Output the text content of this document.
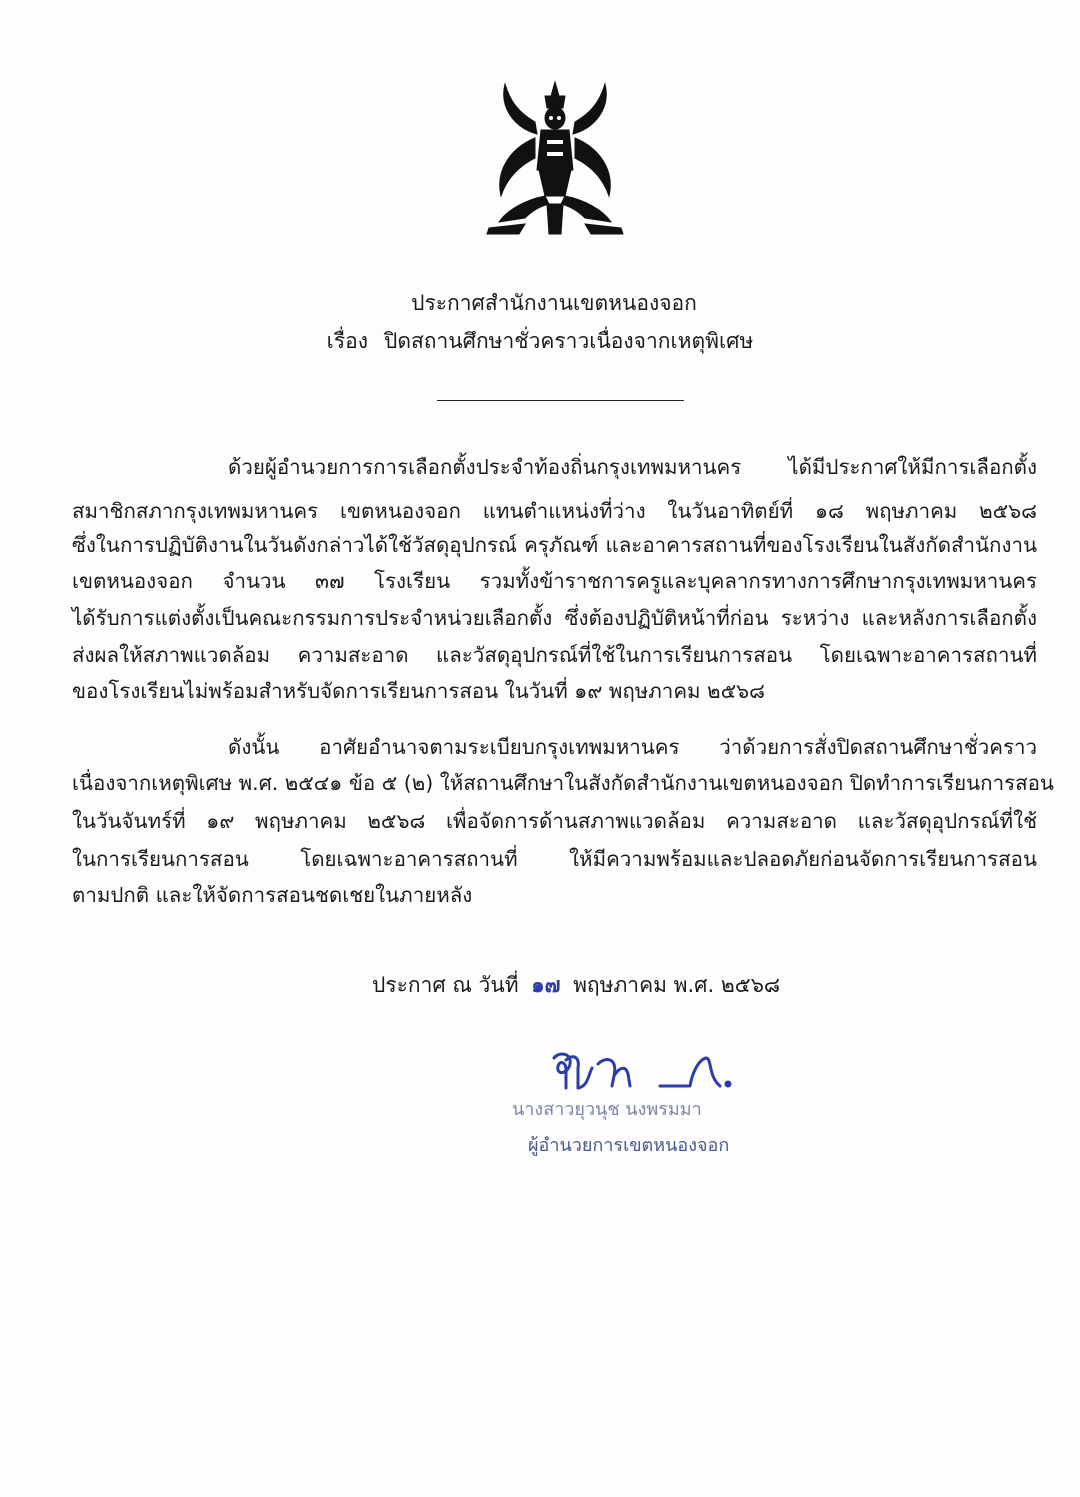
ประกาศสำนักงานเขตหนองจอก
เรื่อง ปิดสถานศึกษาชั่วคราวเนื่องจากเหตุพิเศษ
ด้วยผู้อำนวยการการเลือกตั้งประจำท้องถิ่นกรุงเทพมหานคร ได้มีประกาศให้มีการเลือกตั้ง
สมาชิกสภากรุงเทพมหานคร เขตหนองจอก แทนตำแหน่งที่ว่าง ในวันอาทิตย์ที่ ๑๘ พฤษภาคม ๒๕๖๘
ซึ่งในการปฏิบัติงานในวันดังกล่าวได้ใช้วัสดุอุปกรณ์ ครุภัณฑ์ และอาคารสถานที่ของโรงเรียนในสังกัดสำนักงาน
เขตหนองจอก จำนวน ๓๗ โรงเรียน รวมทั้งข้าราชการครูและบุคลากรทางการศึกษากรุงเทพมหานคร
ได้รับการแต่งตั้งเป็นคณะกรรมการประจำหน่วยเลือกตั้ง ซึ่งต้องปฏิบัติหน้าที่ก่อน ระหว่าง และหลังการเลือกตั้ง
ส่งผลให้สภาพแวดล้อม ความสะอาด และวัสดุอุปกรณ์ที่ใช้ในการเรียนการสอน โดยเฉพาะอาคารสถานที่
ของโรงเรียนไม่พร้อมสำหรับจัดการเรียนการสอน ในวันที่ ๑๙ พฤษภาคม ๒๕๖๘
ดังนั้น อาศัยอำนาจตามระเบียบกรุงเทพมหานคร ว่าด้วยการสั่งปิดสถานศึกษาชั่วคราว
เนื่องจากเหตุพิเศษ พ.ศ. ๒๕๔๑ ข้อ ๕ (๒) ให้สถานศึกษาในสังกัดสำนักงานเขตหนองจอก ปิดทำการเรียนการสอน
ในวันจันทร์ที่ ๑๙ พฤษภาคม ๒๕๖๘ เพื่อจัดการด้านสภาพแวดล้อม ความสะอาด และวัสดุอุปกรณ์ที่ใช้
ในการเรียนการสอน โดยเฉพาะอาคารสถานที่ ให้มีความพร้อมและปลอดภัยก่อนจัดการเรียนการสอน
ตามปกติ และให้จัดการสอนชดเชยในภายหลัง
ประกาศ ณ วันที่ ๑๗ พฤษภาคม พ.ศ. ๒๕๖๘
นางสาวยุวนุช นงพรมมา
ผู้อำนวยการเขตหนองจอก
